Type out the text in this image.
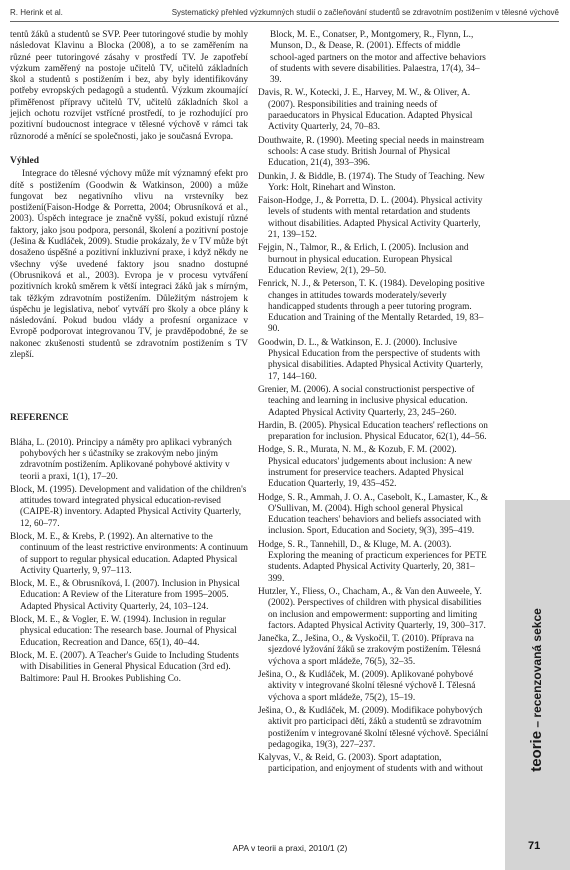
R. Herink et al.	Systematický přehled výzkumných studií o začleňování studentů se zdravotním postižením v tělesné výchově

tentů žáků a studentů se SVP. Peer tutoringové studie by mohly následovat Klavinu a Blocka (2008), a to se zaměřením na různé peer tutoringové zásahy v prostředí TV. Je zapotřebí výzkum zaměřený na postoje učitelů TV, učitelů základních škol a studentů s postižením i bez, aby byly identifikovány potřeby evropských pedagogů a studentů. Výzkum zkoumající přiměřenost přípravy učitelů TV, učitelů základních škol a jejich ochotu rozvíjet vstřícné prostředí, to je rozhodující pro pozitivní budoucnost integrace v tělesné výchově v rámci tak různorodé a měnící se společnosti, jako je současná Evropa.

Výhled

Integrace do tělesné výchovy může mít významný efekt pro dítě s postižením (Goodwin & Watkinson, 2000) a může fungovat bez negativního vlivu na vrstevníky bez postižení(Faison-Hodge & Porretta, 2004; Obrusníková et al., 2003). Úspěch integrace je značně vyšší, pokud existují různé faktory, jako jsou podpora, personál, školení a pozitivní postoje (Ješina & Kudláček, 2009). Studie prokázaly, že v TV může být dosaženo úspěšné a pozitivní inkluzivní praxe, i když někdy ne všechny výše uvedené faktory jsou snadno dostupné (Obrusniková et al., 2003). Evropa je v procesu vytváření pozitivních kroků směrem k větší integraci žáků jak s mírným, tak těžkým zdravotním postižením. Důležitým nástrojem k úspěchu je legislativa, neboť vytváří pro školy a obce plány k následování. Pokud budou vlády a profesní organizace v Evropě podporovat integrovanou TV, je pravděpodobné, že se nakonec zkušenosti studentů se zdravotním postižením s TV zlepší.

REFERENCE

Bláha, L. (2010). Principy a náměty pro aplikaci vybraných pohybových her s účastníky se zrakovým nebo jiným zdravotním postižením. Aplikované pohybové aktivity v teorii a praxi, 1(1), 17–20.

Block, M. (1995). Development and validation of the children's attitudes toward integrated physical education-revised (CAIPE-R) inventory. Adapted Physical Activity Quarterly, 12, 60–77.

Block, M. E., & Krebs, P. (1992). An alternative to the continuum of the least restrictive environments: A continuum of support to regular physical education. Adapted Physical Activity Quarterly, 9, 97–113.

Block, M. E., & Obrusníková, I. (2007). Inclusion in Physical Education: A Review of the Literature from 1995–2005. Adapted Physical Activity Quarterly, 24, 103–124.

Block, M. E., & Vogler, E. W. (1994). Inclusion in regular physical education: The research base. Journal of Physical Education, Recreation and Dance, 65(1), 40–44.

Block, M. E. (2007). A Teacher's Guide to Including Students with Disabilities in General Physical Education (3rd ed). Baltimore: Paul H. Brookes Publishing Co.

Block, M. E., Conatser, P., Montgomery, R., Flynn, L., Munson, D., & Dease, R. (2001). Effects of middle school-aged partners on the motor and affective behaviors of students with severe disabilities. Palaestra, 17(4), 34–39.

Davis, R. W., Kotecki, J. E., Harvey, M. W., & Oliver, A. (2007). Responsibilities and training needs of paraeducators in Physical Education. Adapted Physical Activity Quarterly, 24, 70–83.

Douthwaite, R. (1990). Meeting special needs in mainstream schools: A case study. British Journal of Physical Education, 21(4), 393–396.

Dunkin, J. & Biddle, B. (1974). The Study of Teaching. New York: Holt, Rinehart and Winston.

Faison-Hodge, J., & Porretta, D. L. (2004). Physical activity levels of students with mental retardation and students without disabilities. Adapted Physical Activity Quarterly, 21, 139–152.

Fejgin, N., Talmor, R., & Erlich, I. (2005). Inclusion and burnout in physical education. European Physical Education Review, 2(1), 29–50.

Fenrick, N. J., & Peterson, T. K. (1984). Developing positive changes in attitudes towards moderately/severly handicapped students through a peer tutoring program. Education and Training of the Mentally Retarded, 19, 83–90.

Goodwin, D. L., & Watkinson, E. J. (2000). Inclusive Physical Education from the perspective of students with physical disabilities. Adapted Physical Activity Quarterly, 17, 144–160.

Grenier, M. (2006). A social constructionist perspective of teaching and learning in inclusive physical education. Adapted Physical Activity Quarterly, 23, 245–260.

Hardin, B. (2005). Physical Education teachers' reflections on preparation for inclusion. Physical Educator, 62(1), 44–56.

Hodge, S. R., Murata, N. M., & Kozub, F. M. (2002). Physical educators' judgements about inclusion: A new instrument for preservice teachers. Adapted Physical Education Quarterly, 19, 435–452.

Hodge, S. R., Ammah, J. O. A., Casebolt, K., Lamaster, K., & O'Sullivan, M. (2004). High school general Physical Education teachers' behaviors and beliefs associated with inclusion. Sport, Education and Society, 9(3), 395–419.

Hodge, S. R., Tannehill, D., & Kluge, M. A. (2003). Exploring the meaning of practicum experiences for PETE students. Adapted Physical Activity Quarterly, 20, 381–399.

Hutzler, Y., Fliess, O., Chacham, A., & Van den Auweele, Y. (2002). Perspectives of children with physical disabilities on inclusion and empowerment: supporting and limiting factors. Adapted Physical Activity Quarterly, 19, 300–317.

Janečka, Z., Ješina, O., & Vyskočil, T. (2010). Příprava na sjezdové lyžování žáků se zrakovým postižením. Tělesná výchova a sport mládeže, 76(5), 32–35.

Ješina, O., & Kudláček, M. (2009). Aplikované pohybové aktivity v integrované školní tělesné výchově I. Tělesná výchova a sport mládeže, 75(2), 15–19.

Ješina, O., & Kudláček, M. (2009). Modifikace pohybových aktivit pro participaci dětí, žáků a studentů se zdravotním postižením v integrované školní tělesné výchově. Speciální pedagogika, 19(3), 227–237.

Kalyvas, V., & Reid, G. (2003). Sport adaptation, participation, and enjoyment of students with and without	teorie – recenzovaná sekce
APA v teorii a praxi, 2010/1 (2)	71
